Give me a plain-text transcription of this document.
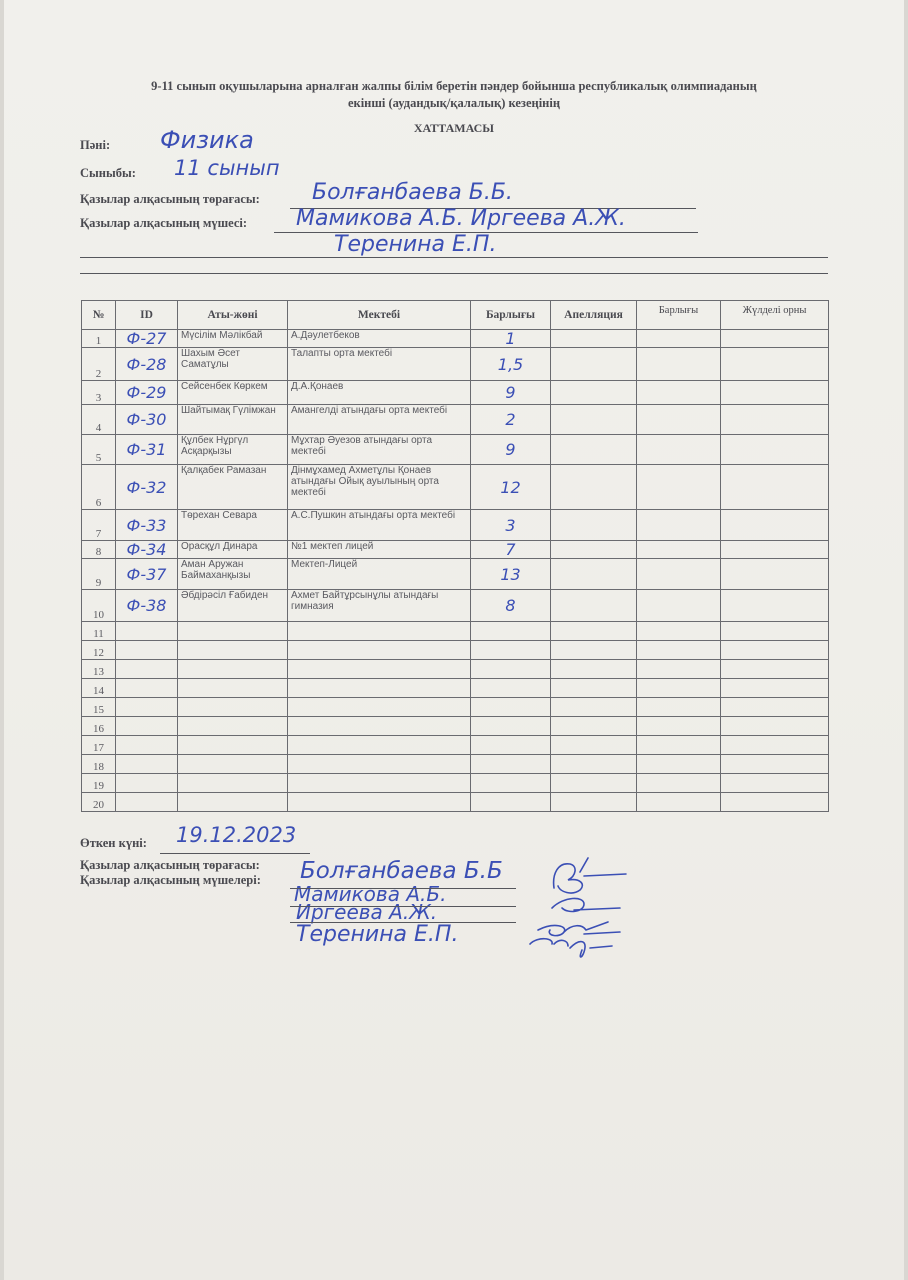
9-11 сынып оқушыларына арналған жалпы білім беретін пәндер бойынша республикалық олимпиаданың
екінші (аудандық/қалалық) кезеңінің
ХАТТАМАСЫ
Пәні: Физика
Сыныбы: 11 сынып
Қазылар алқасының төрағасы: Болғанбаева Б.Б.
Қазылар алқасының мүшесі: Мамикова А.Б. Иргеева А.Ж.
Теренина Е.П.
№	ID	Аты-жөні	Мектебі	Барлығы	Апелляция	Барлығы	Жүлделі орны
1	Ф-27	Мүсілім Мәлікбай	А.Дәулетбеков	1			
2	Ф-28	Шахым Әсет Саматұлы	Талапты орта мектебі	1,5			
3	Ф-29	Сейсенбек Көркем	Д.А.Қонаев	9			
4	Ф-30	Шайтымақ Гүлімжан	Амангелді атындағы орта мектебі	2			
5	Ф-31	Құлбек Нұргүл Асқарқызы	Мұхтар Әуезов атындағы орта мектебі	9			
6	Ф-32	Қалқабек Рамазан	Дінмұхамед Ахметұлы Қонаев атындағы Ойық ауылының орта мектебі	12			
7	Ф-33	Төрехан Севара	А.С.Пушкин атындағы орта мектебі	3			
8	Ф-34	Орасқұл Динара	№1 мектеп лицей	7			
9	Ф-37	Аман Аружан Баймаханқызы	Мектеп-Лицей	13			
10	Ф-38	Әбдірәсіл Ғабиден	Ахмет Байтұрсынұлы атындағы гимназия	8			
11							
12							
13							
14							
15							
16							
17							
18							
19							
20							
Өткен күні: 19.12.2023
Қазылар алқасының төрағасы:
Қазылар алқасының мүшелері: Болғанбаева Б.Б
Мамикова А.Б.
Иргеева А.Ж.
Теренина Е.П.
